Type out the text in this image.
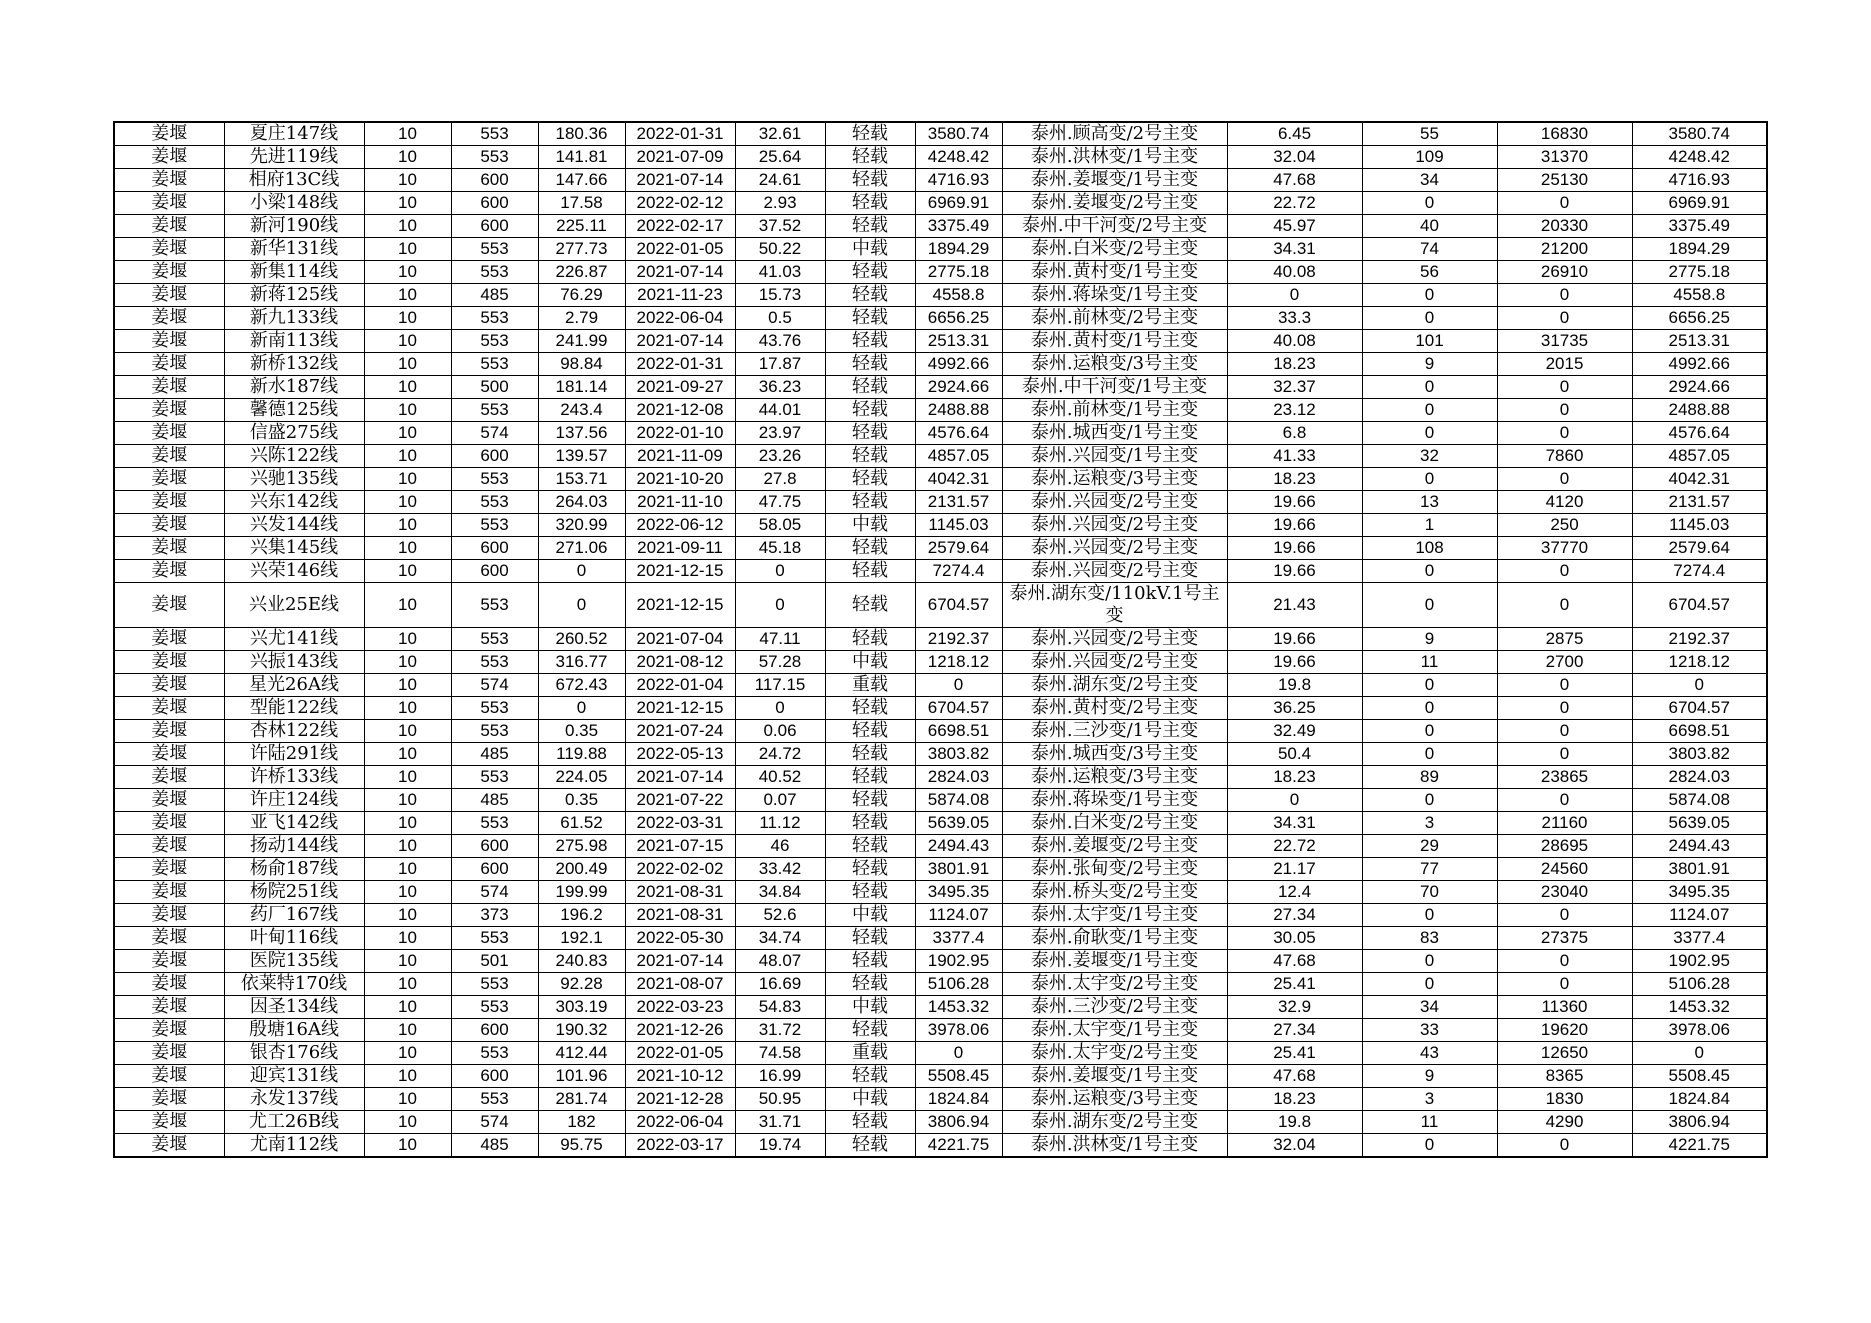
姜堰	夏庄147线	10	553	180.36	2022-01-31	32.61	轻载	3580.74	泰州.顾高变/2号主变	6.45	55	16830	3580.74
姜堰	先进119线	10	553	141.81	2021-07-09	25.64	轻载	4248.42	泰州.洪林变/1号主变	32.04	109	31370	4248.42
姜堰	相府13C线	10	600	147.66	2021-07-14	24.61	轻载	4716.93	泰州.姜堰变/1号主变	47.68	34	25130	4716.93
姜堰	小梁148线	10	600	17.58	2022-02-12	2.93	轻载	6969.91	泰州.姜堰变/2号主变	22.72	0	0	6969.91
姜堰	新河190线	10	600	225.11	2022-02-17	37.52	轻载	3375.49	泰州.中干河变/2号主变	45.97	40	20330	3375.49
姜堰	新华131线	10	553	277.73	2022-01-05	50.22	中载	1894.29	泰州.白米变/2号主变	34.31	74	21200	1894.29
姜堰	新集114线	10	553	226.87	2021-07-14	41.03	轻载	2775.18	泰州.黄村变/1号主变	40.08	56	26910	2775.18
姜堰	新蒋125线	10	485	76.29	2021-11-23	15.73	轻载	4558.8	泰州.蒋垛变/1号主变	0	0	0	4558.8
姜堰	新九133线	10	553	2.79	2022-06-04	0.5	轻载	6656.25	泰州.前林变/2号主变	33.3	0	0	6656.25
姜堰	新南113线	10	553	241.99	2021-07-14	43.76	轻载	2513.31	泰州.黄村变/1号主变	40.08	101	31735	2513.31
姜堰	新桥132线	10	553	98.84	2022-01-31	17.87	轻载	4992.66	泰州.运粮变/3号主变	18.23	9	2015	4992.66
姜堰	新水187线	10	500	181.14	2021-09-27	36.23	轻载	2924.66	泰州.中干河变/1号主变	32.37	0	0	2924.66
姜堰	馨德125线	10	553	243.4	2021-12-08	44.01	轻载	2488.88	泰州.前林变/1号主变	23.12	0	0	2488.88
姜堰	信盛275线	10	574	137.56	2022-01-10	23.97	轻载	4576.64	泰州.城西变/1号主变	6.8	0	0	4576.64
姜堰	兴陈122线	10	600	139.57	2021-11-09	23.26	轻载	4857.05	泰州.兴园变/1号主变	41.33	32	7860	4857.05
姜堰	兴驰135线	10	553	153.71	2021-10-20	27.8	轻载	4042.31	泰州.运粮变/3号主变	18.23	0	0	4042.31
姜堰	兴东142线	10	553	264.03	2021-11-10	47.75	轻载	2131.57	泰州.兴园变/2号主变	19.66	13	4120	2131.57
姜堰	兴发144线	10	553	320.99	2022-06-12	58.05	中载	1145.03	泰州.兴园变/2号主变	19.66	1	250	1145.03
姜堰	兴集145线	10	600	271.06	2021-09-11	45.18	轻载	2579.64	泰州.兴园变/2号主变	19.66	108	37770	2579.64
姜堰	兴荣146线	10	600	0	2021-12-15	0	轻载	7274.4	泰州.兴园变/2号主变	19.66	0	0	7274.4
姜堰	兴业25E线	10	553	0	2021-12-15	0	轻载	6704.57	泰州.湖东变/110kV.1号主变	21.43	0	0	6704.57
姜堰	兴尤141线	10	553	260.52	2021-07-04	47.11	轻载	2192.37	泰州.兴园变/2号主变	19.66	9	2875	2192.37
姜堰	兴振143线	10	553	316.77	2021-08-12	57.28	中载	1218.12	泰州.兴园变/2号主变	19.66	11	2700	1218.12
姜堰	星光26A线	10	574	672.43	2022-01-04	117.15	重载	0	泰州.湖东变/2号主变	19.8	0	0	0
姜堰	型能122线	10	553	0	2021-12-15	0	轻载	6704.57	泰州.黄村变/2号主变	36.25	0	0	6704.57
姜堰	杏林122线	10	553	0.35	2021-07-24	0.06	轻载	6698.51	泰州.三沙变/1号主变	32.49	0	0	6698.51
姜堰	许陆291线	10	485	119.88	2022-05-13	24.72	轻载	3803.82	泰州.城西变/3号主变	50.4	0	0	3803.82
姜堰	许桥133线	10	553	224.05	2021-07-14	40.52	轻载	2824.03	泰州.运粮变/3号主变	18.23	89	23865	2824.03
姜堰	许庄124线	10	485	0.35	2021-07-22	0.07	轻载	5874.08	泰州.蒋垛变/1号主变	0	0	0	5874.08
姜堰	亚飞142线	10	553	61.52	2022-03-31	11.12	轻载	5639.05	泰州.白米变/2号主变	34.31	3	21160	5639.05
姜堰	扬动144线	10	600	275.98	2021-07-15	46	轻载	2494.43	泰州.姜堰变/2号主变	22.72	29	28695	2494.43
姜堰	杨俞187线	10	600	200.49	2022-02-02	33.42	轻载	3801.91	泰州.张甸变/2号主变	21.17	77	24560	3801.91
姜堰	杨院251线	10	574	199.99	2021-08-31	34.84	轻载	3495.35	泰州.桥头变/2号主变	12.4	70	23040	3495.35
姜堰	药厂167线	10	373	196.2	2021-08-31	52.6	中载	1124.07	泰州.太宇变/1号主变	27.34	0	0	1124.07
姜堰	叶甸116线	10	553	192.1	2022-05-30	34.74	轻载	3377.4	泰州.俞耿变/1号主变	30.05	83	27375	3377.4
姜堰	医院135线	10	501	240.83	2021-07-14	48.07	轻载	1902.95	泰州.姜堰变/1号主变	47.68	0	0	1902.95
姜堰	依莱特170线	10	553	92.28	2021-08-07	16.69	轻载	5106.28	泰州.太宇变/2号主变	25.41	0	0	5106.28
姜堰	因圣134线	10	553	303.19	2022-03-23	54.83	中载	1453.32	泰州.三沙变/2号主变	32.9	34	11360	1453.32
姜堰	殷塘16A线	10	600	190.32	2021-12-26	31.72	轻载	3978.06	泰州.太宇变/1号主变	27.34	33	19620	3978.06
姜堰	银杏176线	10	553	412.44	2022-01-05	74.58	重载	0	泰州.太宇变/2号主变	25.41	43	12650	0
姜堰	迎宾131线	10	600	101.96	2021-10-12	16.99	轻载	5508.45	泰州.姜堰变/1号主变	47.68	9	8365	5508.45
姜堰	永发137线	10	553	281.74	2021-12-28	50.95	中载	1824.84	泰州.运粮变/3号主变	18.23	3	1830	1824.84
姜堰	尤工26B线	10	574	182	2022-06-04	31.71	轻载	3806.94	泰州.湖东变/2号主变	19.8	11	4290	3806.94
姜堰	尤南112线	10	485	95.75	2022-03-17	19.74	轻载	4221.75	泰州.洪林变/1号主变	32.04	0	0	4221.75
